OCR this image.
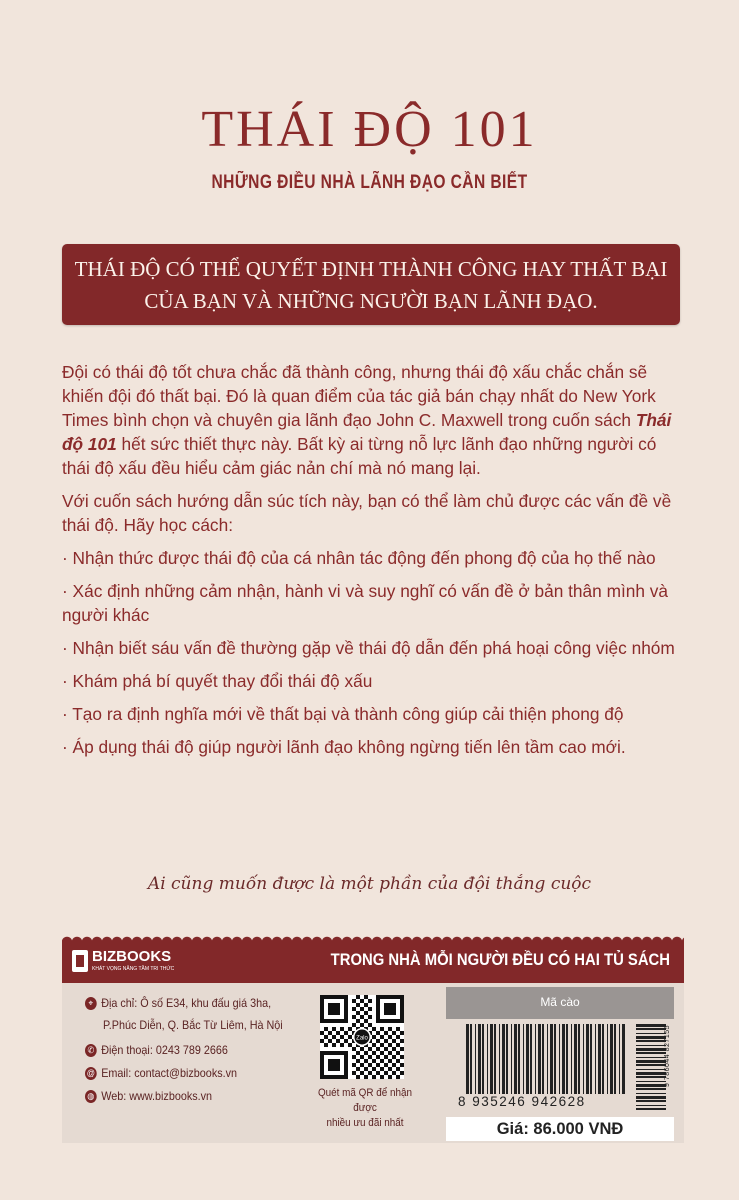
THÁI ĐỘ 101
NHỮNG ĐIỀU NHÀ LÃNH ĐẠO CẦN BIẾT
THÁI ĐỘ CÓ THỂ QUYẾT ĐỊNH THÀNH CÔNG HAY THẤT BẠI
CỦA BẠN VÀ NHỮNG NGƯỜI BẠN LÃNH ĐẠO.

Đội có thái độ tốt chưa chắc đã thành công, nhưng thái độ xấu chắc chắn sẽ khiến đội đó thất bại. Đó là quan điểm của tác giả bán chạy nhất do New York Times bình chọn và chuyên gia lãnh đạo John C. Maxwell trong cuốn sách Thái độ 101 hết sức thiết thực này. Bất kỳ ai từng nỗ lực lãnh đạo những người có thái độ xấu đều hiểu cảm giác nản chí mà nó mang lại.

Với cuốn sách hướng dẫn súc tích này, bạn có thể làm chủ được các vấn đề về thái độ. Hãy học cách:

· Nhận thức được thái độ của cá nhân tác động đến phong độ của họ thế nào

· Xác định những cảm nhận, hành vi và suy nghĩ có vấn đề ở bản thân mình và người khác

· Nhận biết sáu vấn đề thường gặp về thái độ dẫn đến phá hoại công việc nhóm

· Khám phá bí quyết thay đổi thái độ xấu

· Tạo ra định nghĩa mới về thất bại và thành công giúp cải thiện phong độ

· Áp dụng thái độ giúp người lãnh đạo không ngừng tiến lên tầm cao mới.

Ai cũng muốn được là một phần của đội thắng cuộc
BIZBOOKS
KHÁT VỌNG NÂNG TẦM TRI THỨC	TRONG NHÀ MỖI NGƯỜI ĐỀU CÓ HAI TỦ SÁCH
⌖ Địa chỉ: Ô số E34, khu đấu giá 3ha,
P.Phúc Diễn, Q. Bắc Từ Liêm, Hà Nội
✆ Điện thoại: 0243 789 2666
@ Email: contact@bizbooks.vn
◍ Web: www.bizbooks.vn
Zalo
Quét mã QR để nhận được
nhiều ưu đãi nhất
Mã cào
8 935246 942628
9 786044 827155
Giá: 86.000 VNĐ
